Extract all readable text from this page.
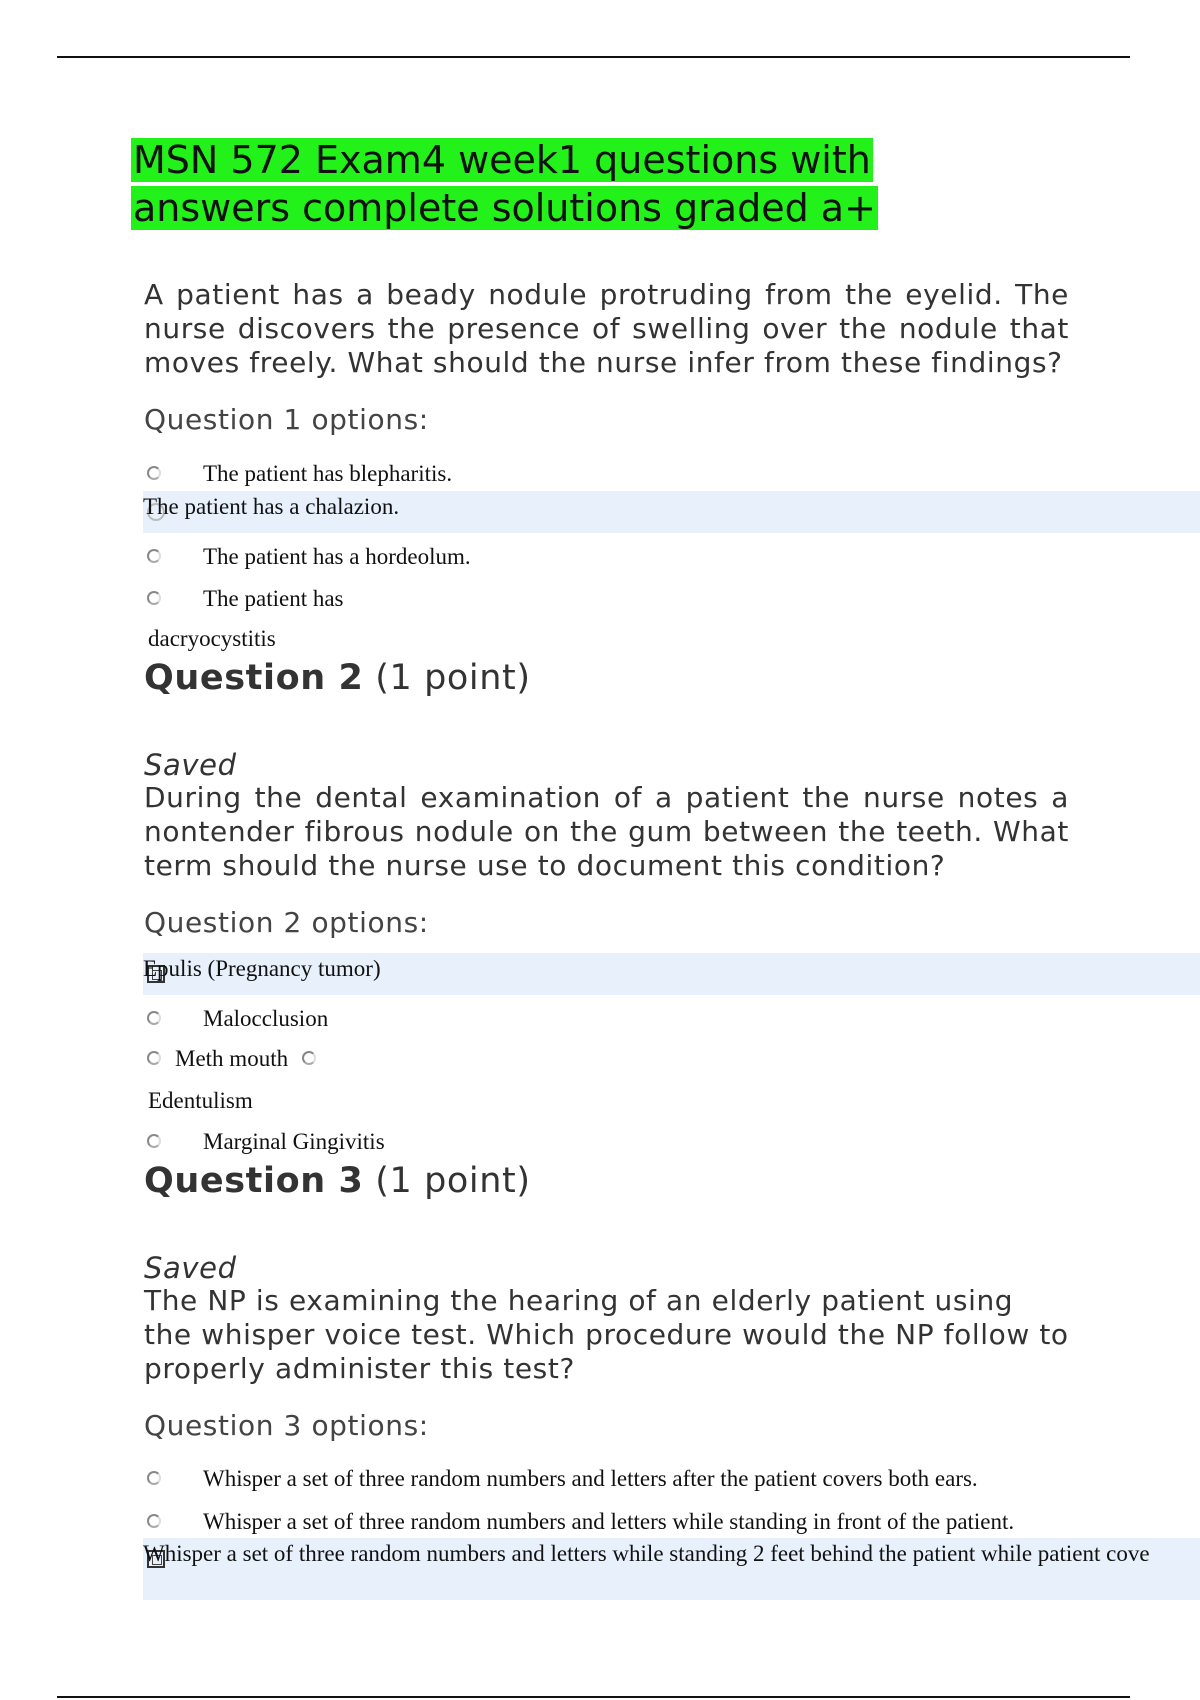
MSN 572 Exam4 week1 questions with
answers complete solutions graded a+

A patient has a beady nodule protruding from the eyelid. The nurse discovers the presence of swelling over the nodule that moves freely. What should the nurse infer from these findings?

Question 1 options:

The patient has blepharitis.
The patient has a chalazion.
The patient has a hordeolum.
The patient has
dacryocystitis

Question 2 (1 point)

Saved

During the dental examination of a patient the nurse notes a nontender fibrous nodule on the gum between the teeth. What term should the nurse use to document this condition?

Question 2 options:

Epulis (Pregnancy tumor)
Malocclusion
Meth mouth
Edentulism
Marginal Gingivitis

Question 3 (1 point)

Saved

The NP is examining the hearing of an elderly patient using the whisper voice test. Which procedure would the NP follow to properly administer this test?

Question 3 options:

Whisper a set of three random numbers and letters after the patient covers both ears.
Whisper a set of three random numbers and letters while standing in front of the patient.
Whisper a set of three random numbers and letters while standing 2 feet behind the patient while patient cove
